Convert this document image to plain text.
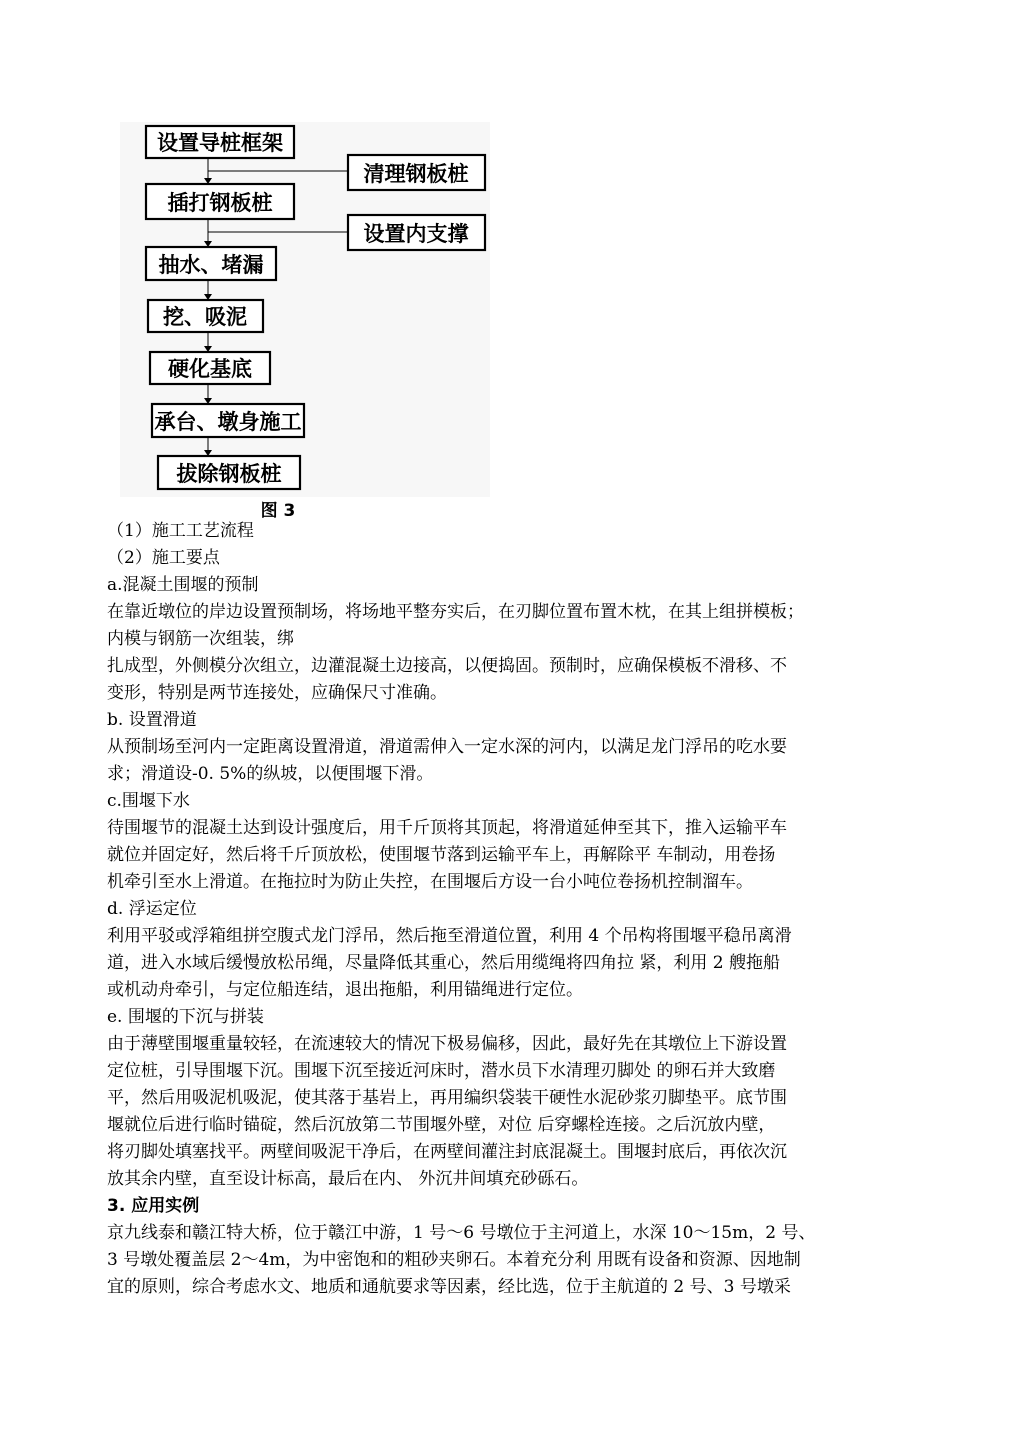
设置导桩框架
插打钢板桩
抽水、堵漏
挖、吸泥
硬化基底
承台、墩身施工
拔除钢板桩
清理钢板桩
设置内支撑
图 3

（1）施工工艺流程

（2）施工要点

a.混凝土围堰的预制

在靠近墩位的岸边设置预制场，将场地平整夯实后，在刃脚位置布置木枕，在其上组拼模板；
内模与钢筋一次组装，绑
扎成型，外侧模分次组立，边灌混凝土边接高，以便捣固。预制时，应确保模板不滑移、不
变形，特别是两节连接处，应确保尺寸准确。

b. 设置滑道

从预制场至河内一定距离设置滑道，滑道需伸入一定水深的河内，以满足龙门浮吊的吃水要
求；滑道设-0. 5%的纵坡，以便围堰下滑。

c.围堰下水

待围堰节的混凝土达到设计强度后，用千斤顶将其顶起，将滑道延伸至其下，推入运输平车
就位并固定好，然后将千斤顶放松，使围堰节落到运输平车上，再解除平 车制动，用卷扬
机牵引至水上滑道。在拖拉时为防止失控，在围堰后方设一台小吨位卷扬机控制溜车。

d. 浮运定位

利用平驳或浮箱组拼空腹式龙门浮吊，然后拖至滑道位置，利用 4 个吊构将围堰平稳吊离滑
道，进入水域后缓慢放松吊绳，尽量降低其重心，然后用缆绳将四角拉 紧，利用 2 艘拖船
或机动舟牵引，与定位船连结，退出拖船，利用锚绳进行定位。

e. 围堰的下沉与拼装

由于薄壁围堰重量较轻，在流速较大的情况下极易偏移，因此，最好先在其墩位上下游设置
定位桩，引导围堰下沉。围堰下沉至接近河床时，潜水员下水清理刃脚处 的卵石并大致磨
平，然后用吸泥机吸泥，使其落于基岩上，再用编织袋装干硬性水泥砂浆刃脚垫平。底节围
堰就位后进行临时锚碇，然后沉放第二节围堰外壁，对位 后穿螺栓连接。之后沉放内壁，
将刃脚处填塞找平。两壁间吸泥干净后，在两壁间灌注封底混凝土。围堰封底后，再依次沉
放其余内壁，直至设计标高，最后在内、 外沉井间填充砂砾石。

3. 应用实例

京九线泰和赣江特大桥，位于赣江中游，1 号～6 号墩位于主河道上，水深 10～15m，2 号、
3 号墩处覆盖层 2～4m，为中密饱和的粗砂夹卵石。本着充分利 用既有设备和资源、因地制
宜的原则，综合考虑水文、地质和通航要求等因素，经比选，位于主航道的 2 号、3 号墩采
